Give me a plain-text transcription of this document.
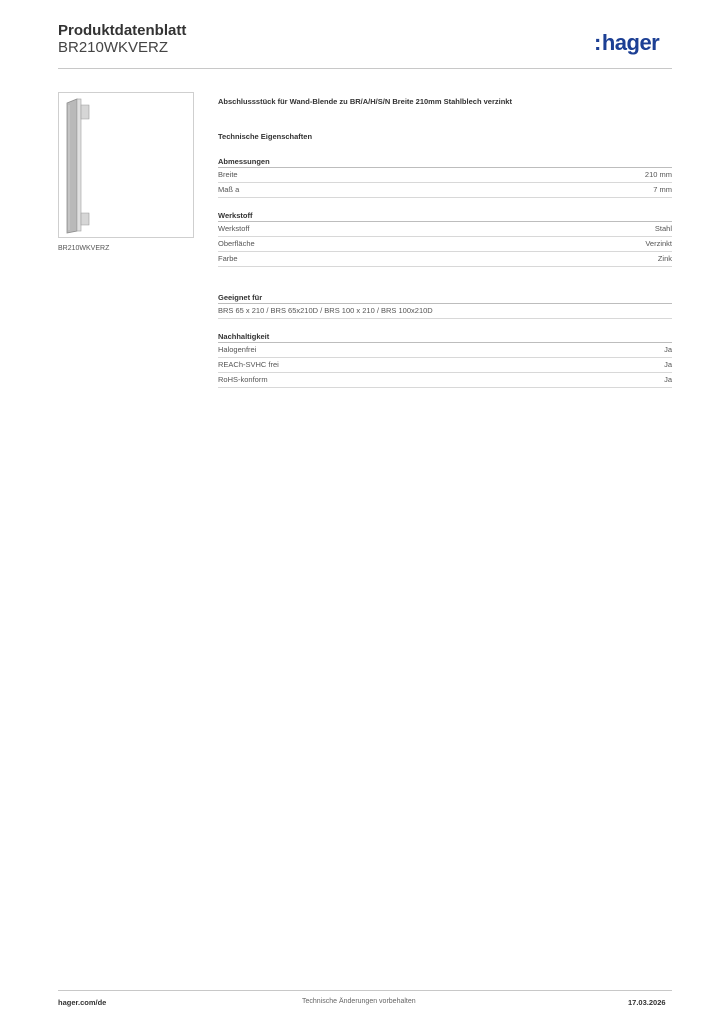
Produktdatenblatt
BR210WKVERZ	:hager
BR210WKVERZ
Abschlussstück für Wand-Blende zu BR/A/H/S/N Breite 210mm Stahlblech verzinkt
Technische Eigenschaften
Abmessungen
Breite	210 mm
Maß a	7 mm
Werkstoff
Werkstoff	Stahl
Oberfläche	Verzinkt
Farbe	Zink
Geeignet für
BRS 65 x 210 / BRS 65x210D / BRS 100 x 210 / BRS 100x210D
Nachhaltigkeit
Halogenfrei	Ja
REACh-SVHC frei	Ja
RoHS-konform	Ja
hager.com/de	Technische Änderungen vorbehalten	17.03.2026
